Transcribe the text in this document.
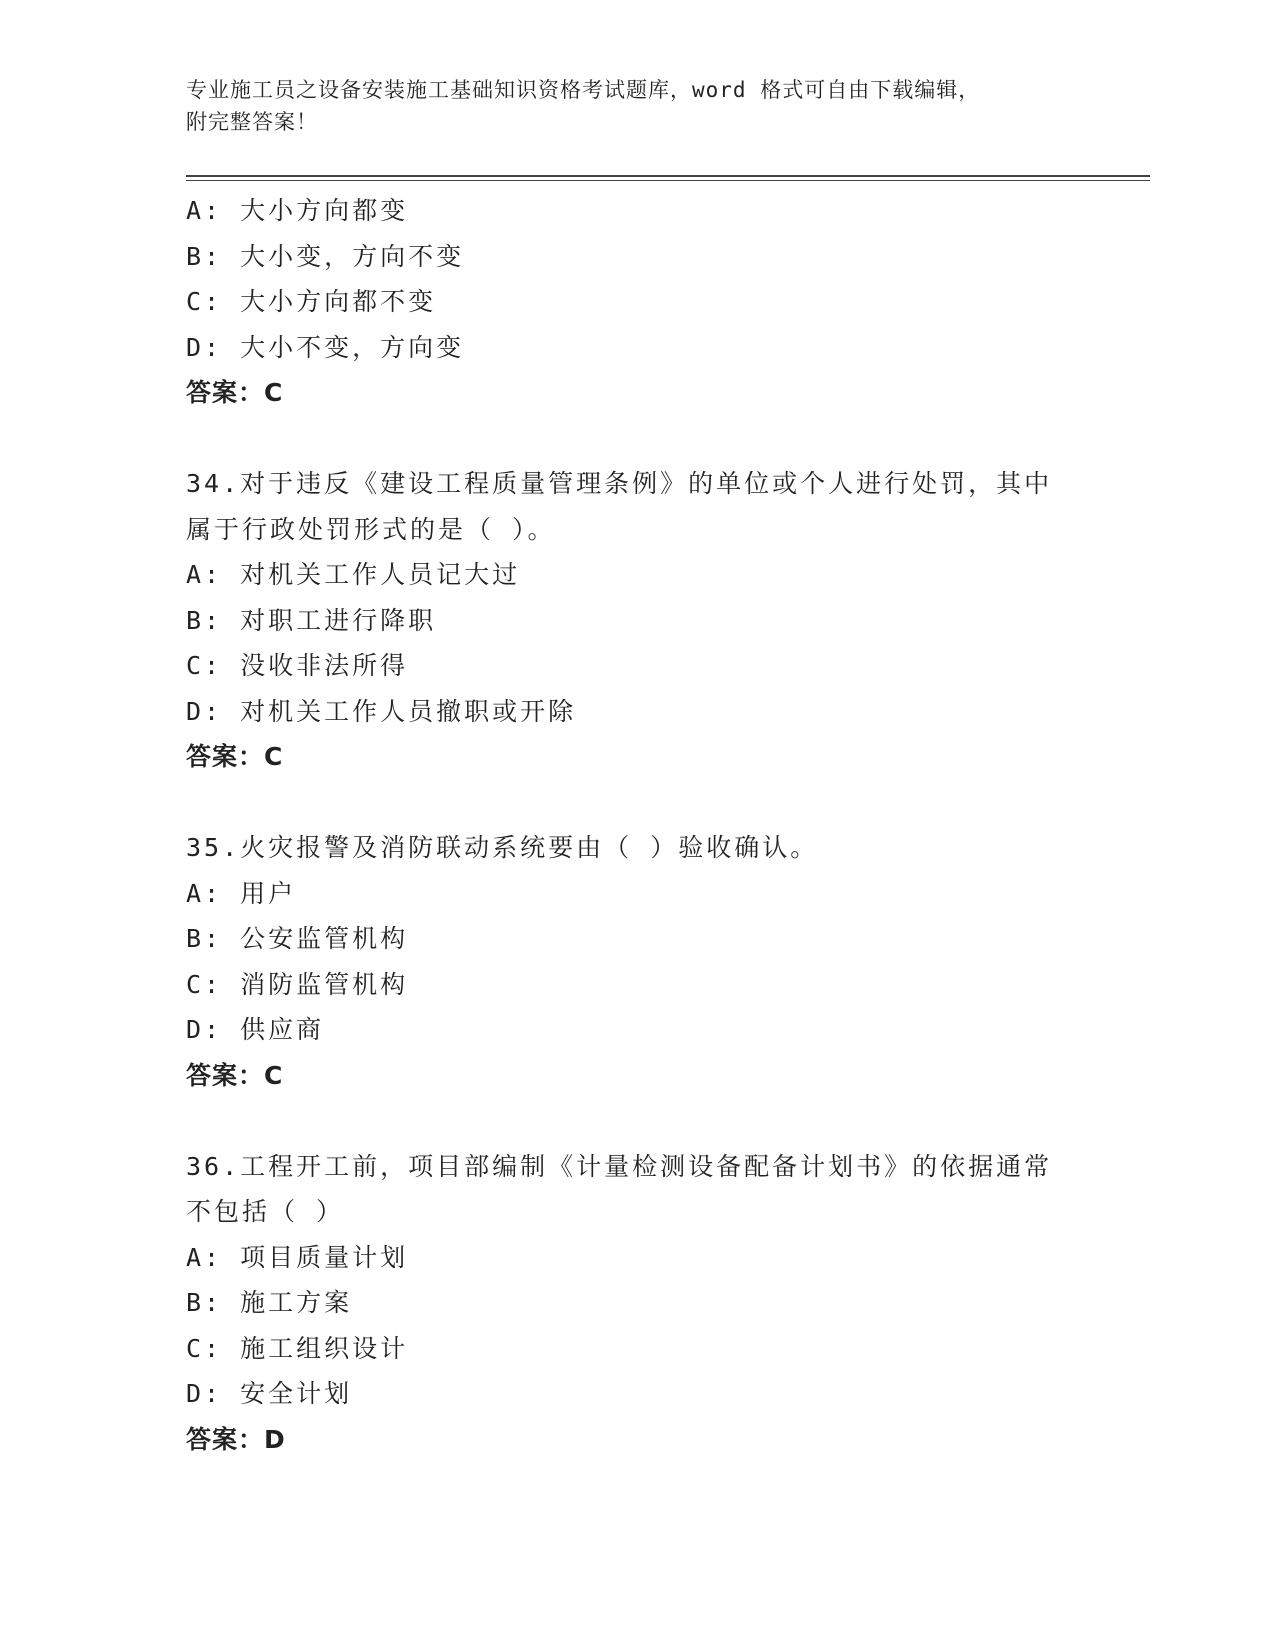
专业施工员之设备安装施工基础知识资格考试题库，word 格式可自由下载编辑，
附完整答案！
A: 大小方向都变
B: 大小变，方向不变
C: 大小方向都不变
D: 大小不变，方向变
答案：C
34.对于违反《建设工程质量管理条例》的单位或个人进行处罚，其中
属于行政处罚形式的是（ ）。
A: 对机关工作人员记大过
B: 对职工进行降职
C: 没收非法所得
D: 对机关工作人员撤职或开除
答案：C
35.火灾报警及消防联动系统要由（ ）验收确认。
A: 用户
B: 公安监管机构
C: 消防监管机构
D: 供应商
答案：C
36.工程开工前，项目部编制《计量检测设备配备计划书》的依据通常
不包括（ ）
A: 项目质量计划
B: 施工方案
C: 施工组织设计
D: 安全计划
答案：D
